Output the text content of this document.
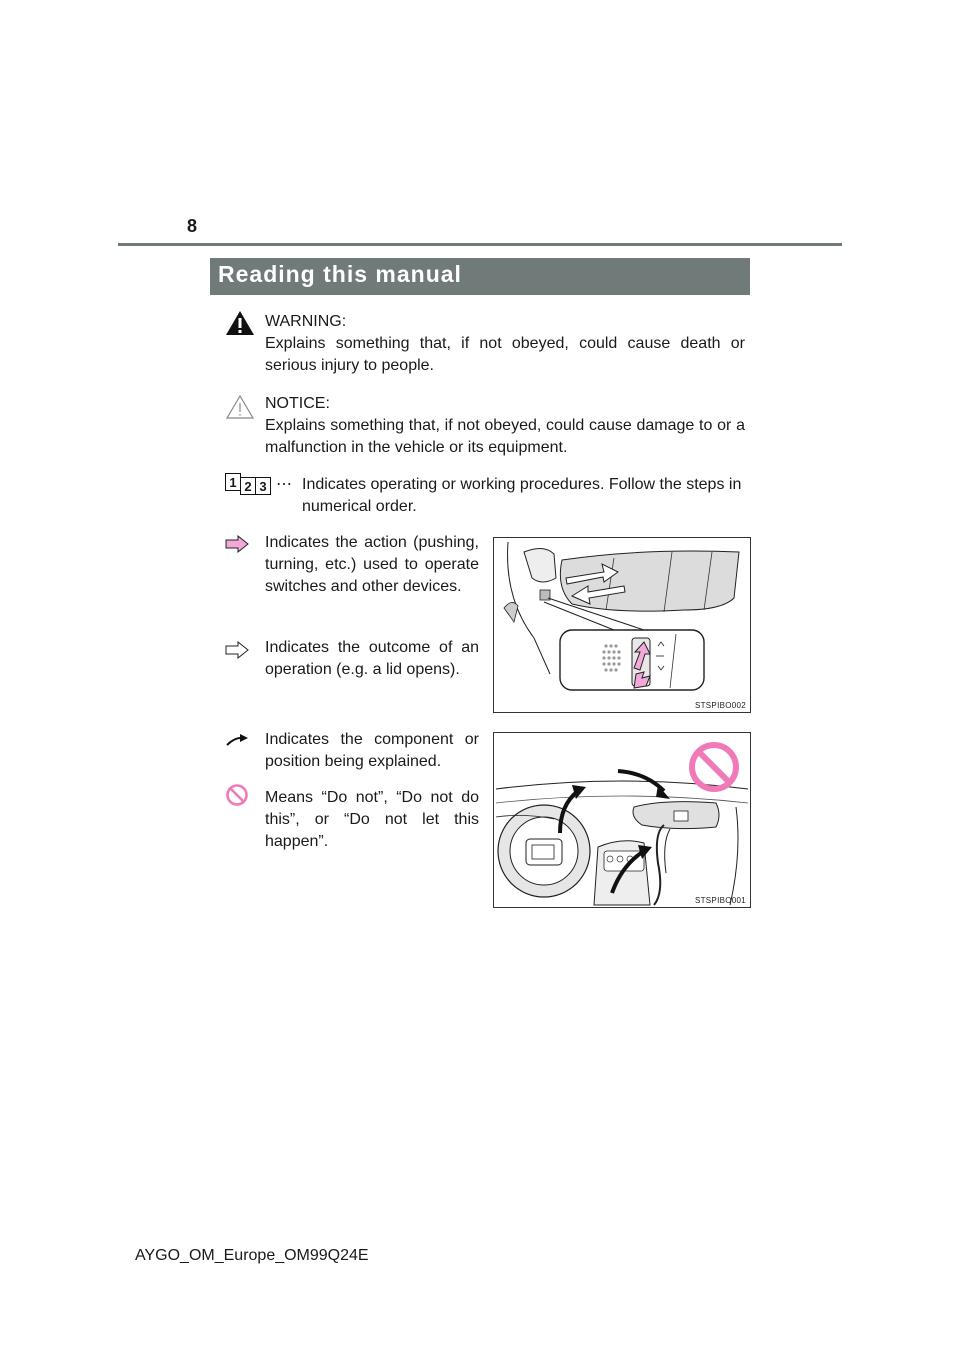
8
Reading this manual
WARNING:
Explains something that, if not obeyed, could cause death or serious injury to people.
NOTICE:
Explains something that, if not obeyed, could cause damage to or a malfunction in the vehicle or its equipment.
1 2 3 ⋯ Indicates operating or working procedures. Follow the steps in numerical order.
Indicates the action (pushing, turning, etc.) used to operate switches and other devices.
Indicates the outcome of an operation (e.g. a lid opens).
STSPIBO002
Indicates the component or position being explained.
Means “Do not”, “Do not do this”, or “Do not let this happen”.
STSPIBO001
AYGO_OM_Europe_OM99Q24E
